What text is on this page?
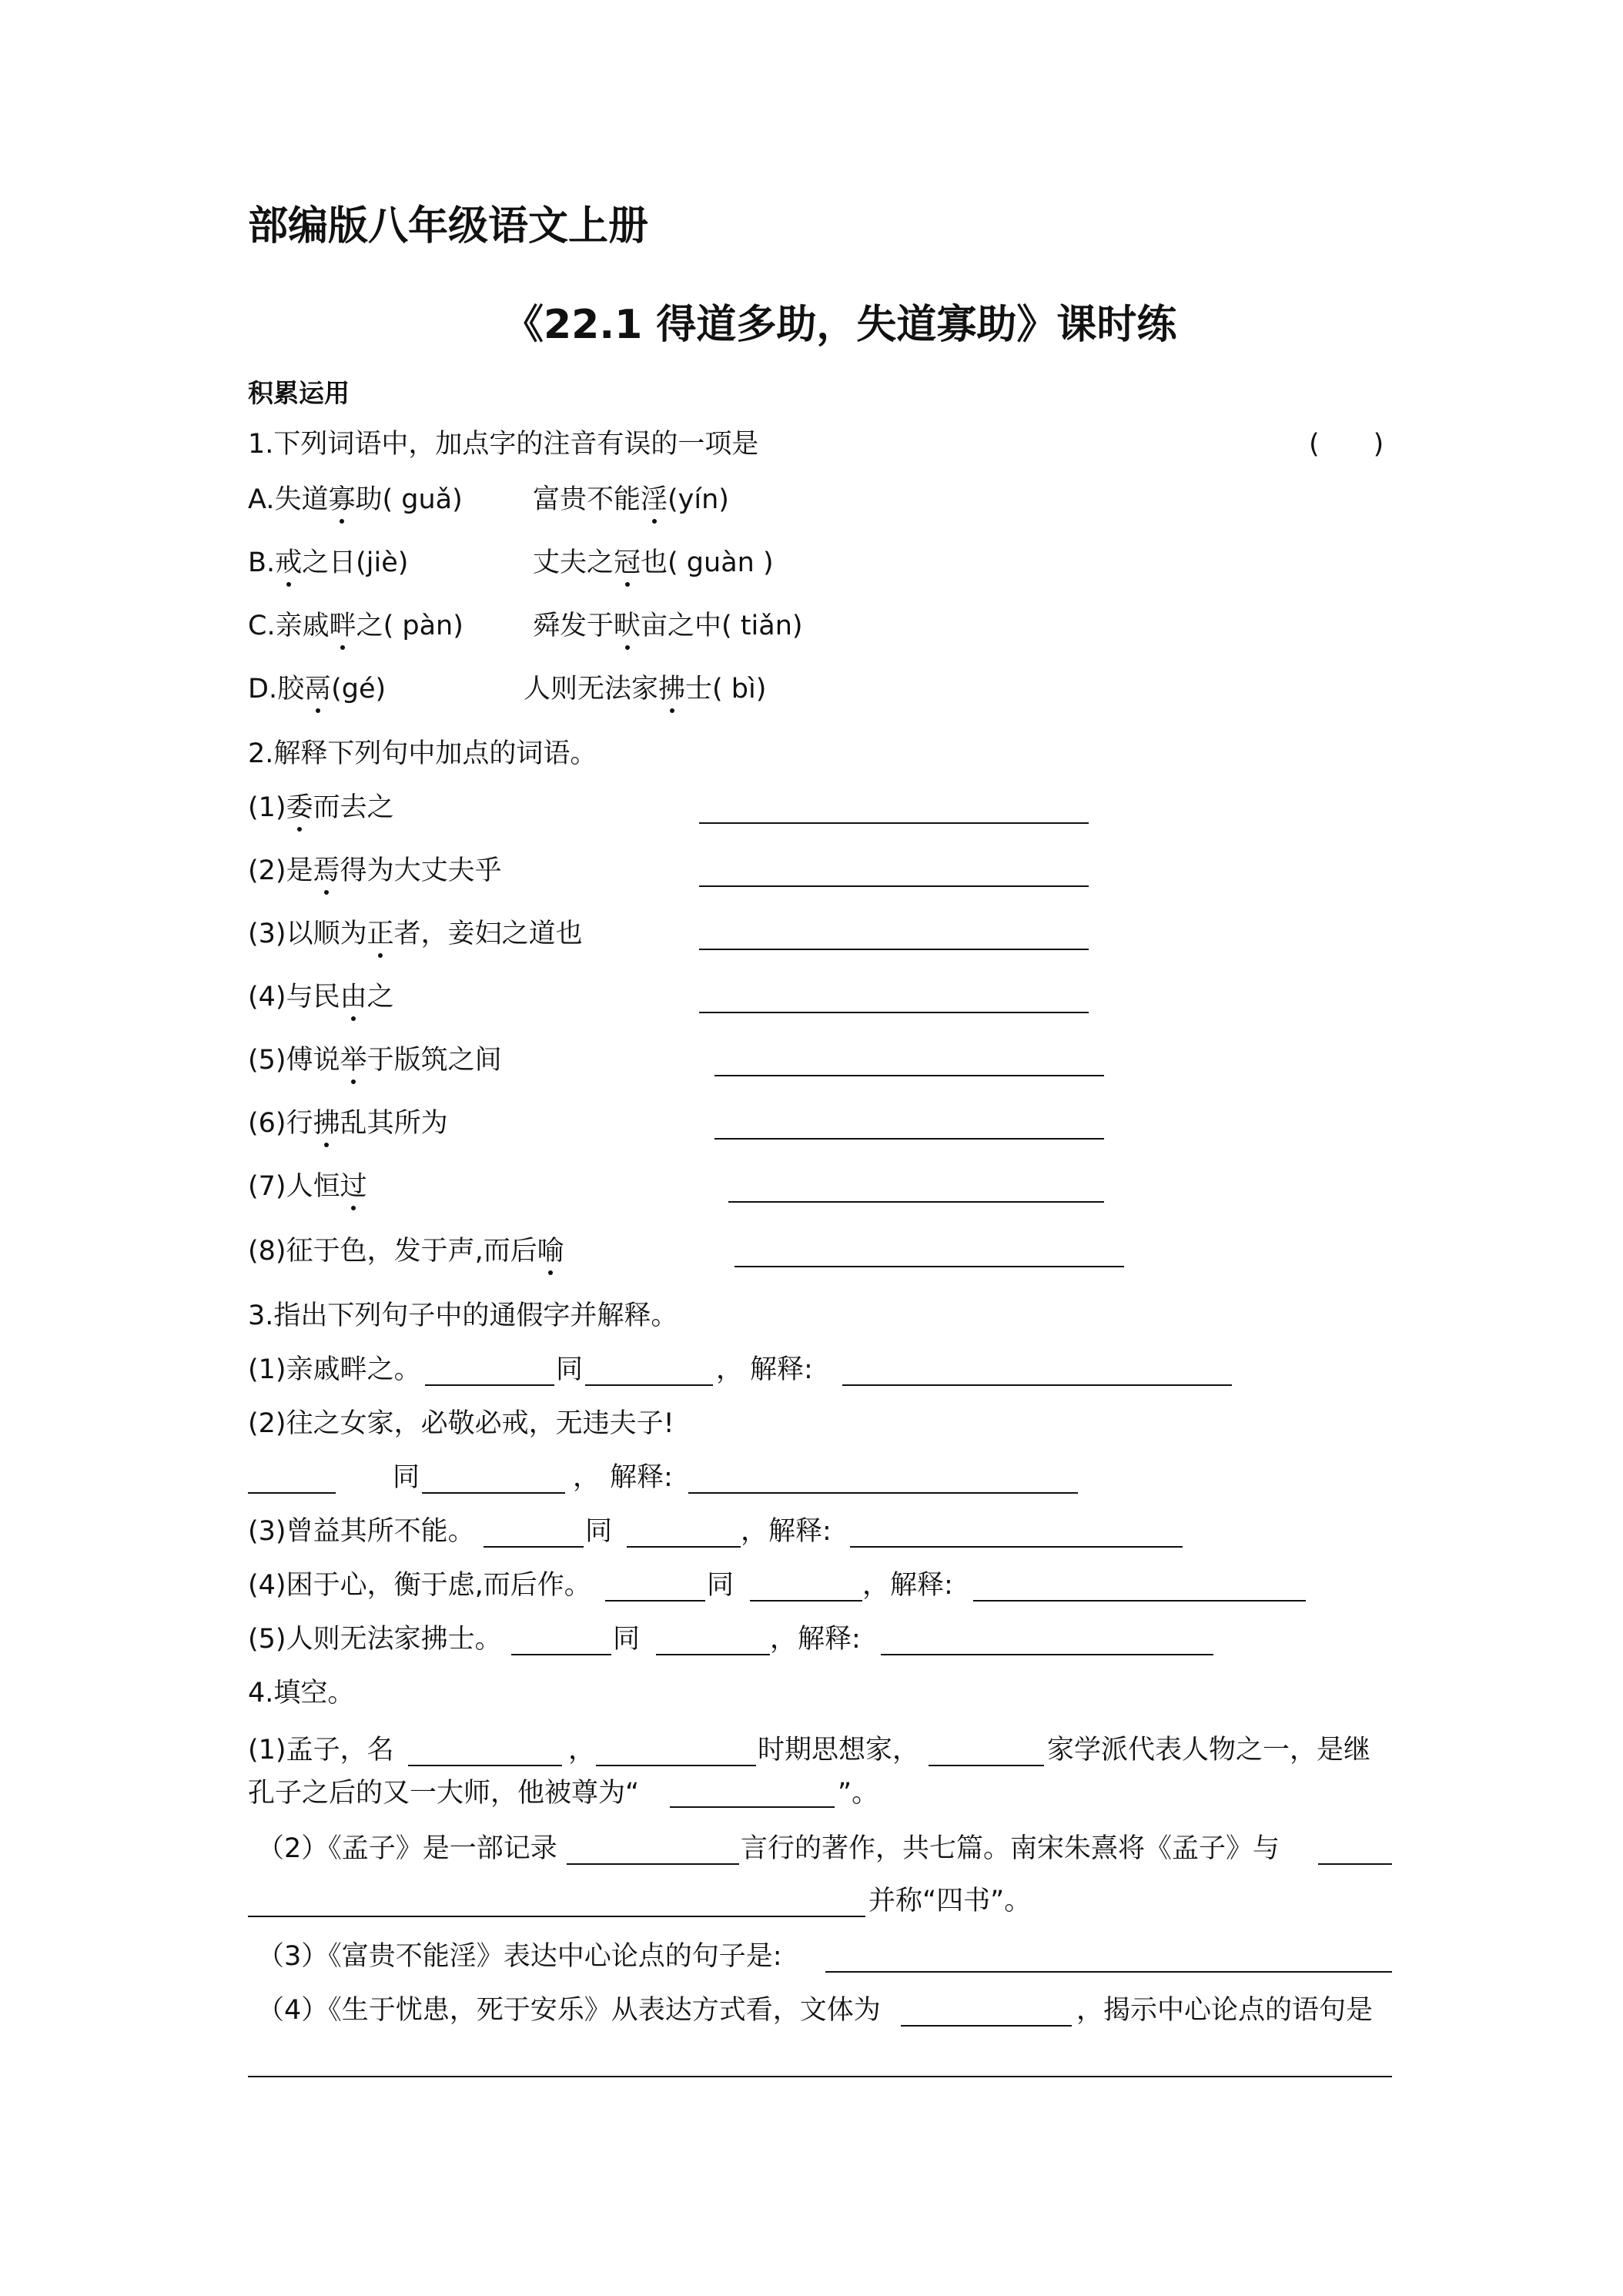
部编版八年级语文上册
《22.1 得道多助，失道寡助》课时练
积累运用
1.下列词语中，加点字的注音有误的一项是	(　　)
A.失道寡助( guǎ)	富贵不能淫(yín)
B.戒之日(jiè)	丈夫之冠也( guàn )
C.亲戚畔之( pàn)	舜发于畎亩之中( tiǎn)
D.胶鬲(gé)	人则无法家拂士( bì)
2.解释下列句中加点的词语。
(1)委而去之
(2)是焉得为大丈夫乎
(3)以顺为正者，妾妇之道也
(4)与民由之
(5)傅说举于版筑之间
(6)行拂乱其所为
(7)人恒过
(8)征于色，发于声,而后喻
3.指出下列句子中的通假字并解释。
(1)亲戚畔之。	同	， 解释:
(2)往之女家，必敬必戒，无违夫子!
同	， 解释:
(3)曾益其所不能。	同	， 解释:
(4)困于心，衡于虑,而后作。	同	， 解释:
(5)人则无法家拂士。	同	， 解释:
4.填空。
(1)孟子，名	，	时期思想家，	家学派代表人物之一，是继
孔子之后的又一大师，他被尊为“	”。
（2）《孟子》是一部记录	言行的著作，共七篇。南宋朱熹将《孟子》与
并称“四书”。
（3）《富贵不能淫》表达中心论点的句子是:
（4）《生于忧患，死于安乐》从表达方式看，文体为	，揭示中心论点的语句是
